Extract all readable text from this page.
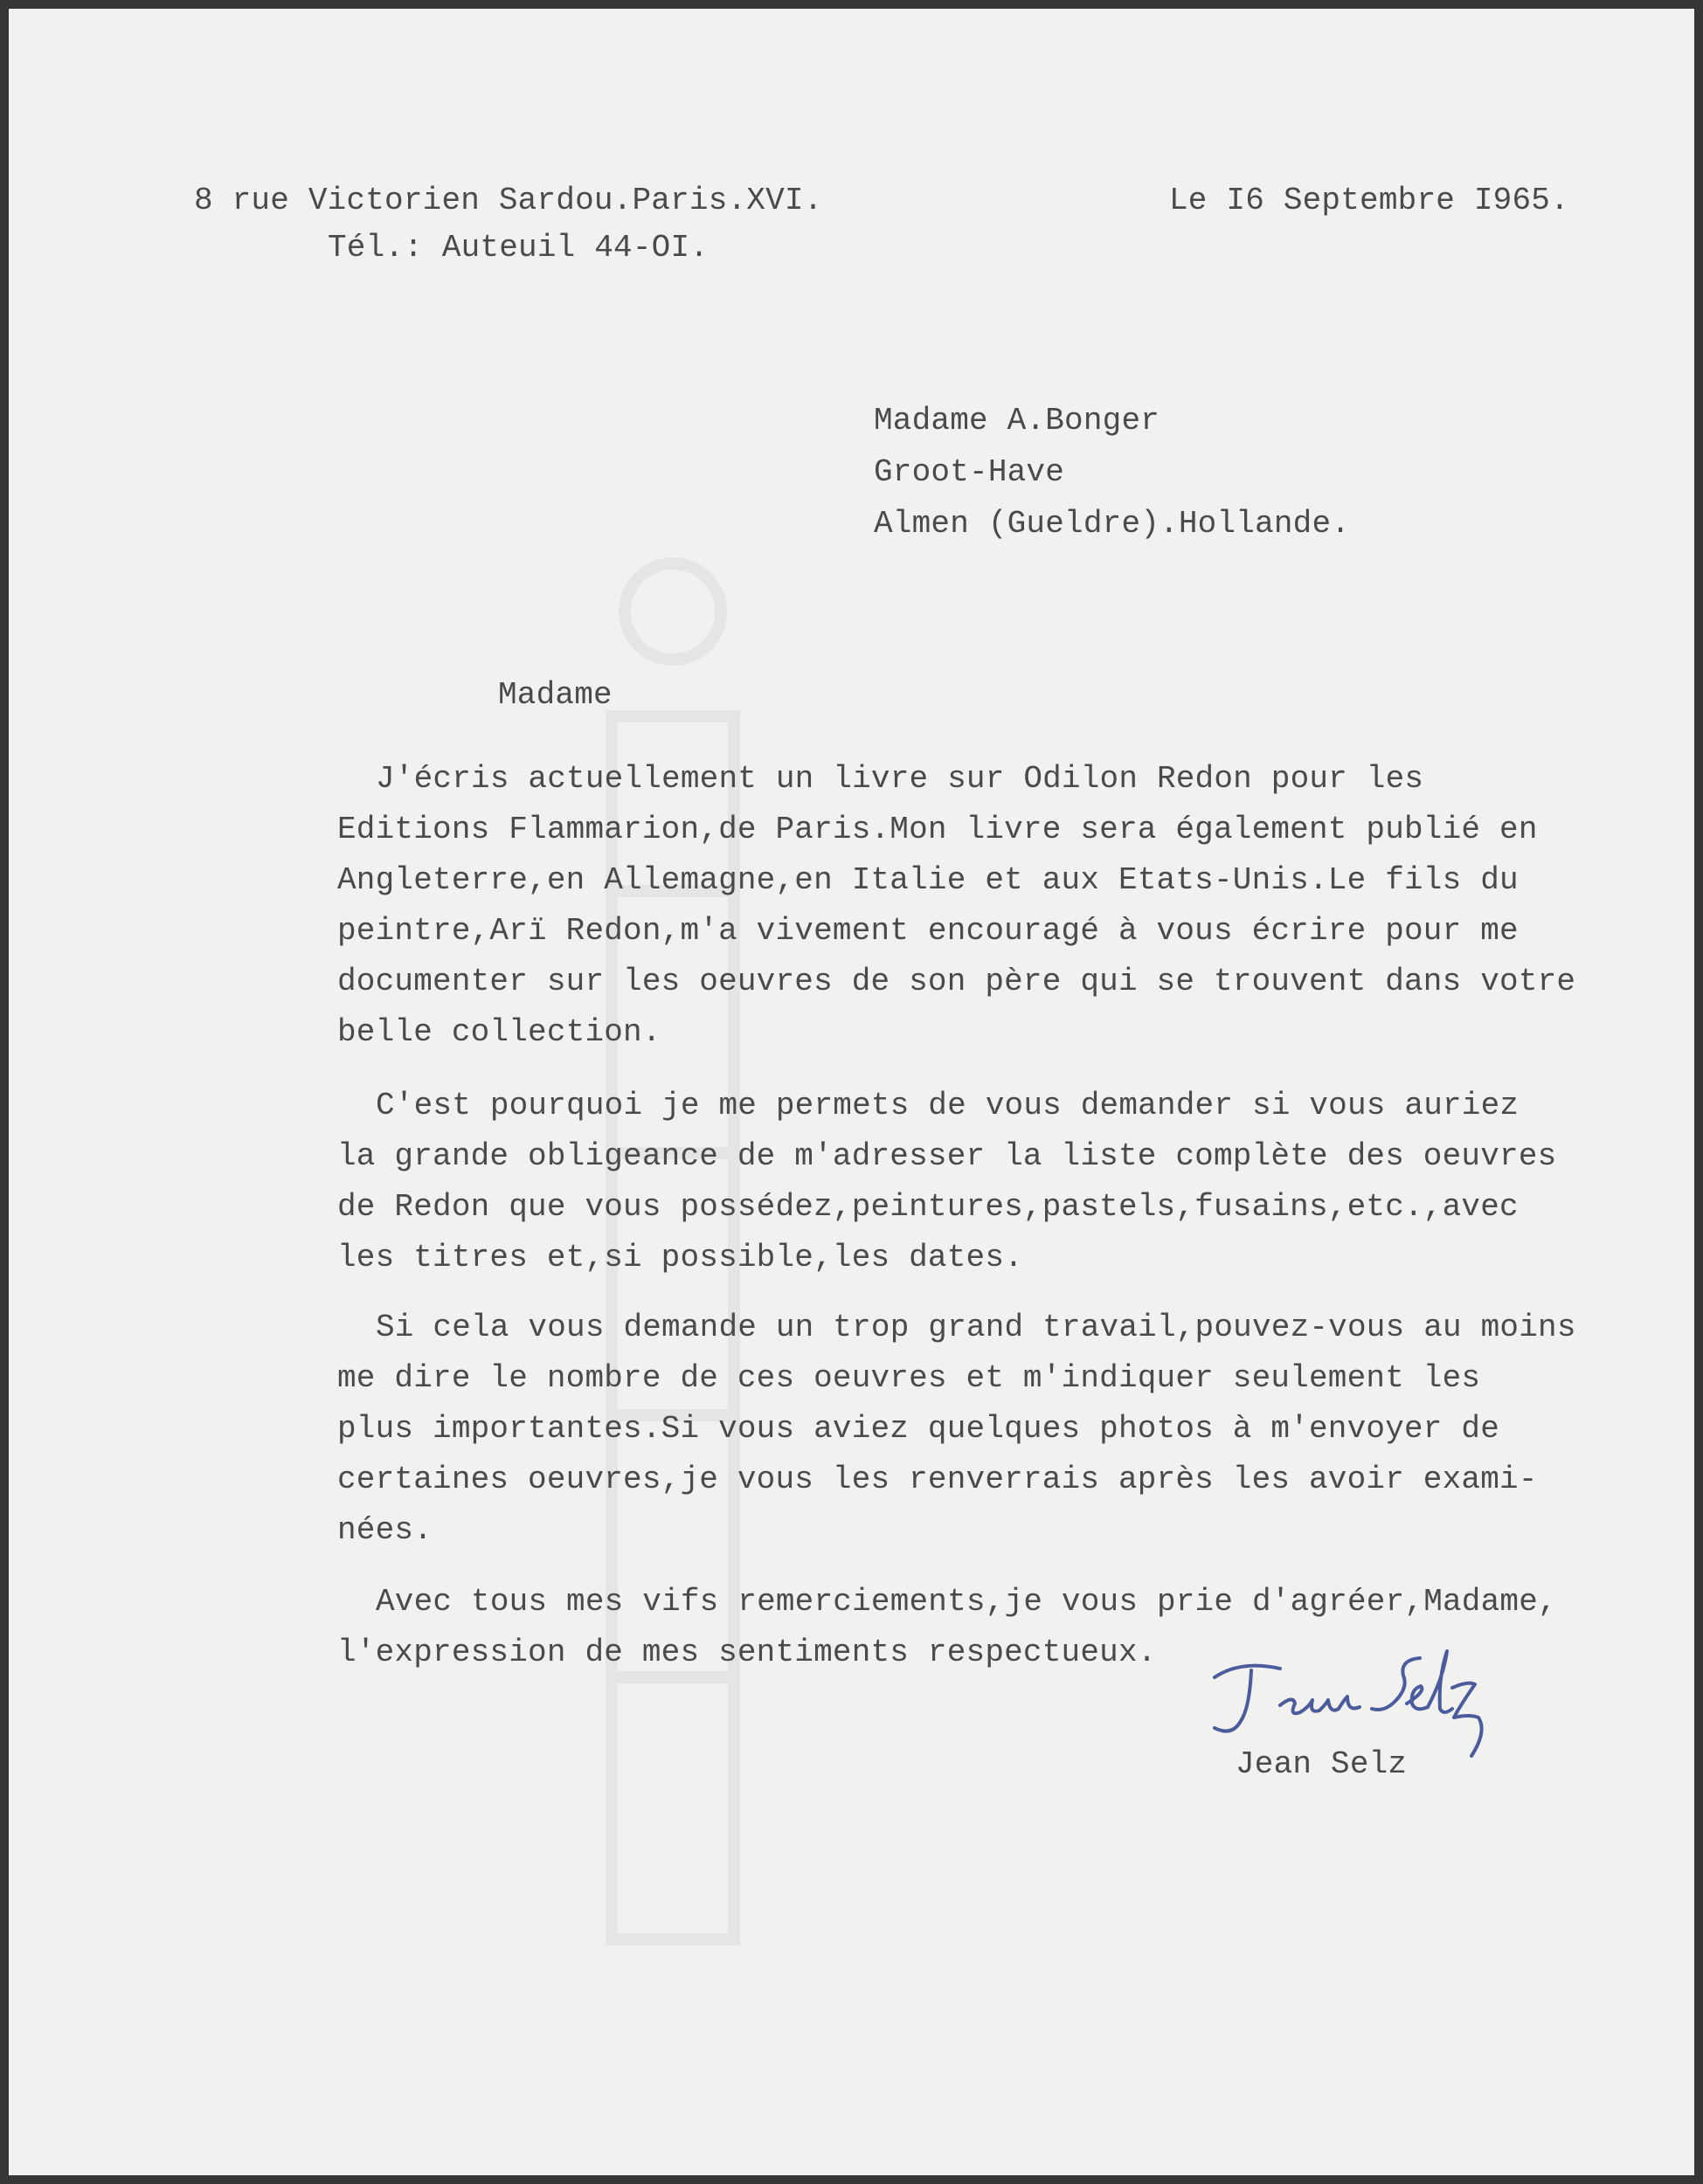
8 rue Victorien Sardou.Paris.XVI.

Tél.: Auteuil 44-OI.

Le I6 Septembre I965.

Madame A.Bonger

Groot-Have

Almen (Gueldre).Hollande.

Madame

J'écris actuellement un livre sur Odilon Redon pour les

Editions Flammarion,de Paris.Mon livre sera également publié en

Angleterre,en Allemagne,en Italie et aux Etats-Unis.Le fils du

peintre,Arï Redon,m'a vivement encouragé à vous écrire pour me

documenter sur les oeuvres de son père qui se trouvent dans votre

belle collection.

C'est pourquoi je me permets de vous demander si vous auriez

la grande obligeance de m'adresser la liste complète des oeuvres

de Redon que vous possédez,peintures,pastels,fusains,etc.,avec

les titres et,si possible,les dates.

Si cela vous demande un trop grand travail,pouvez-vous au moins

me dire le nombre de ces oeuvres et m'indiquer seulement les

plus importantes.Si vous aviez quelques photos à m'envoyer de

certaines oeuvres,je vous les renverrais après les avoir exami-

nées.

Avec tous mes vifs remerciements,je vous prie d'agréer,Madame,

l'expression de mes sentiments respectueux.

Jean Selz
